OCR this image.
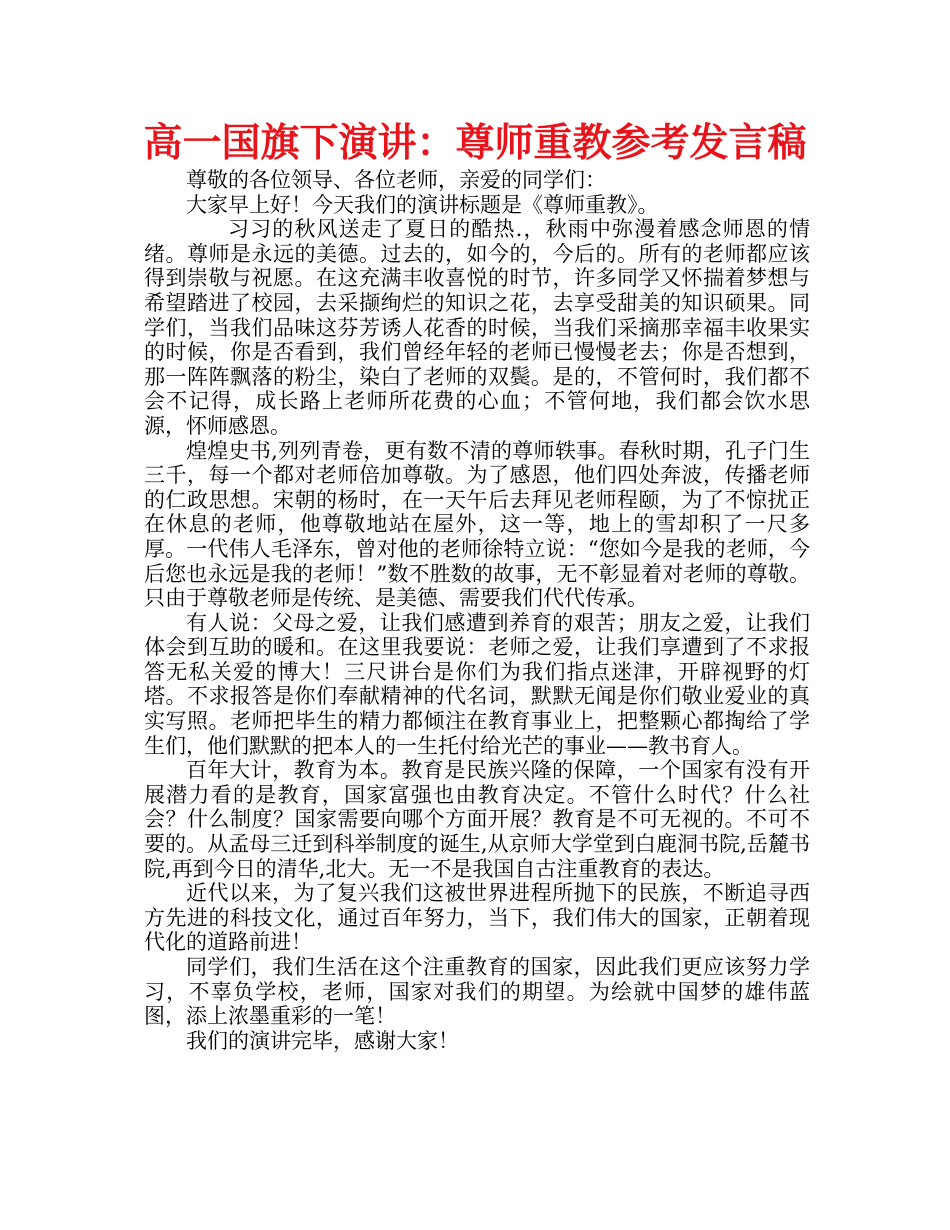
高一国旗下演讲：尊师重教参考发言稿

尊敬的各位领导、各位老师，亲爱的同学们：

大家早上好！今天我们的演讲标题是《尊师重教》。

习习的秋风送走了夏日的酷热.，秋雨中弥漫着感念师恩的情绪。尊师是永远的美德。过去的，如今的，今后的。所有的老师都应该得到崇敬与祝愿。在这充满丰收喜悦的时节，许多同学又怀揣着梦想与希望踏进了校园，去采撷绚烂的知识之花，去享受甜美的知识硕果。同学们，当我们品味这芬芳诱人花香的时候，当我们采摘那幸福丰收果实的时候，你是否看到，我们曾经年轻的老师已慢慢老去；你是否想到，那一阵阵飘落的粉尘，染白了老师的双鬓。是的，不管何时，我们都不会不记得，成长路上老师所花费的心血；不管何地，我们都会饮水思源，怀师感恩。

煌煌史书,列列青卷，更有数不清的尊师轶事。春秋时期，孔子门生三千，每一个都对老师倍加尊敬。为了感恩，他们四处奔波，传播老师的仁政思想。宋朝的杨时，在一天午后去拜见老师程颐，为了不惊扰正在休息的老师，他尊敬地站在屋外，这一等，地上的雪却积了一尺多厚。一代伟人毛泽东，曾对他的老师徐特立说：“您如今是我的老师，今后您也永远是我的老师！”数不胜数的故事，无不彰显着对老师的尊敬。只由于尊敬老师是传统、是美德、需要我们代代传承。

有人说：父母之爱，让我们感遭到养育的艰苦；朋友之爱，让我们体会到互助的暖和。在这里我要说：老师之爱，让我们享遭到了不求报答无私关爱的博大！三尺讲台是你们为我们指点迷津，开辟视野的灯塔。不求报答是你们奉献精神的代名词，默默无闻是你们敬业爱业的真实写照。老师把毕生的精力都倾注在教育事业上，把整颗心都掏给了学生们，他们默默的把本人的一生托付给光芒的事业——教书育人。

百年大计，教育为本。教育是民族兴隆的保障，一个国家有没有开展潜力看的是教育，国家富强也由教育决定。不管什么时代？什么社会？什么制度？国家需要向哪个方面开展？教育是不可无视的。不可不要的。从孟母三迁到科举制度的诞生,从京师大学堂到白鹿洞书院,岳麓书院,再到今日的清华,北大。无一不是我国自古注重教育的表达。

近代以来，为了复兴我们这被世界进程所抛下的民族，不断追寻西方先进的科技文化，通过百年努力，当下，我们伟大的国家，正朝着现代化的道路前进！

同学们，我们生活在这个注重教育的国家，因此我们更应该努力学习，不辜负学校，老师，国家对我们的期望。为绘就中国梦的雄伟蓝图，添上浓墨重彩的一笔！

我们的演讲完毕，感谢大家！
